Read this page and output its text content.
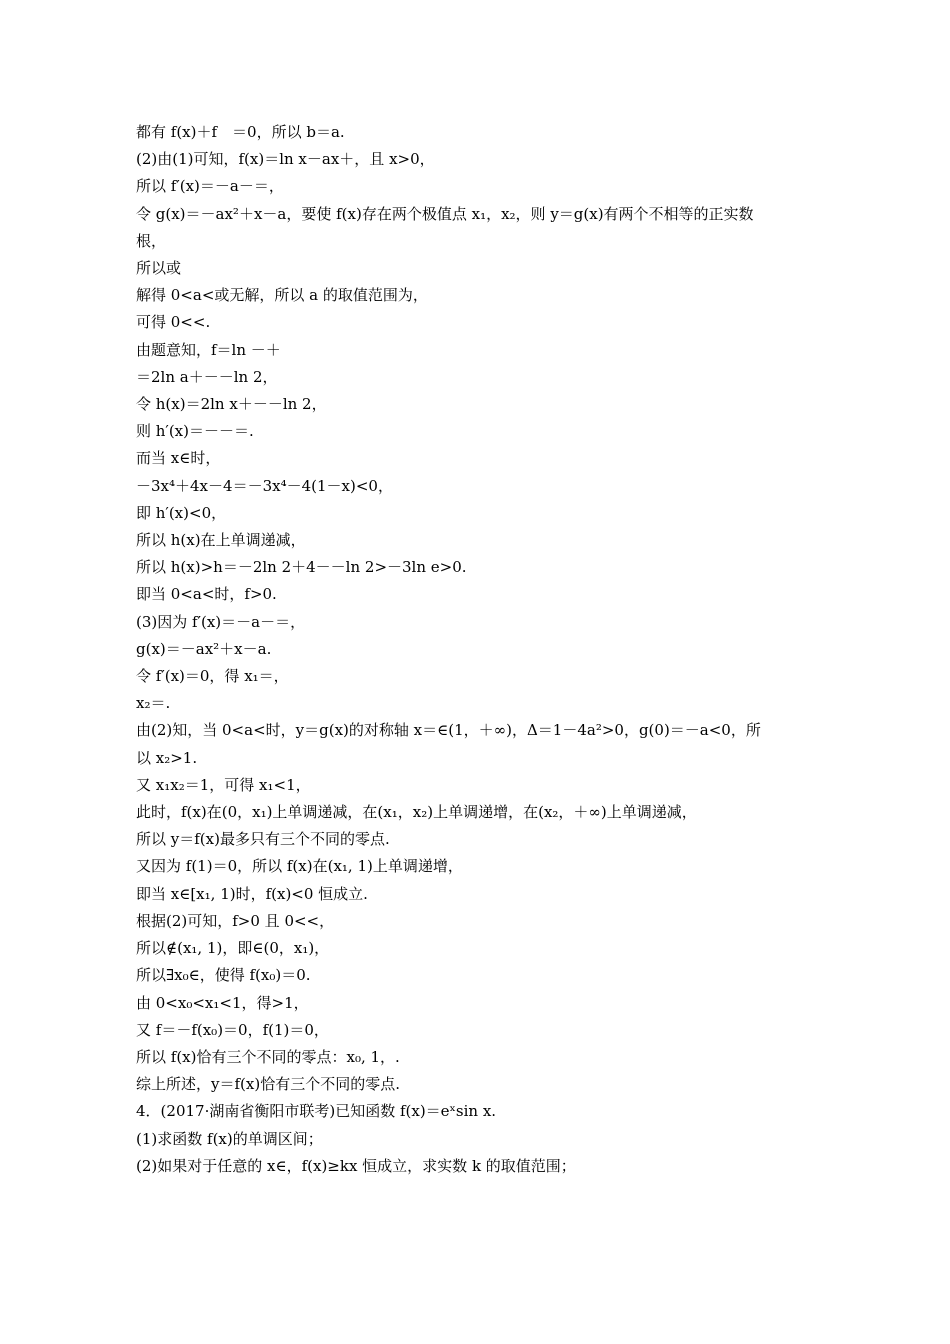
都有 f(x)＋f　＝0，所以 b＝a.
(2)由(1)可知，f(x)＝ln x－ax＋，且 x>0，
所以 f′(x)＝－a－＝，
令 g(x)＝－ax²＋x－a，要使 f(x)存在两个极值点 x₁，x₂，则 y＝g(x)有两个不相等的正实数
根，
所以或
解得 0<a<或无解，所以 a 的取值范围为，
可得 0<<.
由题意知，f＝ln －＋
＝2ln a＋－－ln 2，
令 h(x)＝2ln x＋－－ln 2，
则 h′(x)＝－－＝.
而当 x∈时，
－3x⁴＋4x－4＝－3x⁴－4(1－x)<0，
即 h′(x)<0，
所以 h(x)在上单调递减，
所以 h(x)>h＝－2ln 2＋4－－ln 2>－3ln e>0.
即当 0<a<时，f>0.
(3)因为 f′(x)＝－a－＝，
g(x)＝－ax²＋x－a.
令 f′(x)＝0，得 x₁＝，
x₂＝.
由(2)知，当 0<a<时，y＝g(x)的对称轴 x＝∈(1，＋∞)，Δ＝1－4a²>0，g(0)＝－a<0，所
以 x₂>1.
又 x₁x₂＝1，可得 x₁<1，
此时，f(x)在(0，x₁)上单调递减，在(x₁，x₂)上单调递增，在(x₂，＋∞)上单调递减，
所以 y＝f(x)最多只有三个不同的零点.
又因为 f(1)＝0，所以 f(x)在(x₁, 1)上单调递增，
即当 x∈[x₁, 1)时，f(x)<0 恒成立.
根据(2)可知，f>0 且 0<<，
所以∉(x₁, 1)，即∈(0，x₁)，
所以∃x₀∈，使得 f(x₀)＝0.
由 0<x₀<x₁<1，得>1，
又 f＝－f(x₀)＝0，f(1)＝0，
所以 f(x)恰有三个不同的零点：x₀, 1，.
综上所述，y＝f(x)恰有三个不同的零点.
4．(2017·湖南省衡阳市联考)已知函数 f(x)＝eˣsin x.
(1)求函数 f(x)的单调区间；
(2)如果对于任意的 x∈，f(x)≥kx 恒成立，求实数 k 的取值范围；
